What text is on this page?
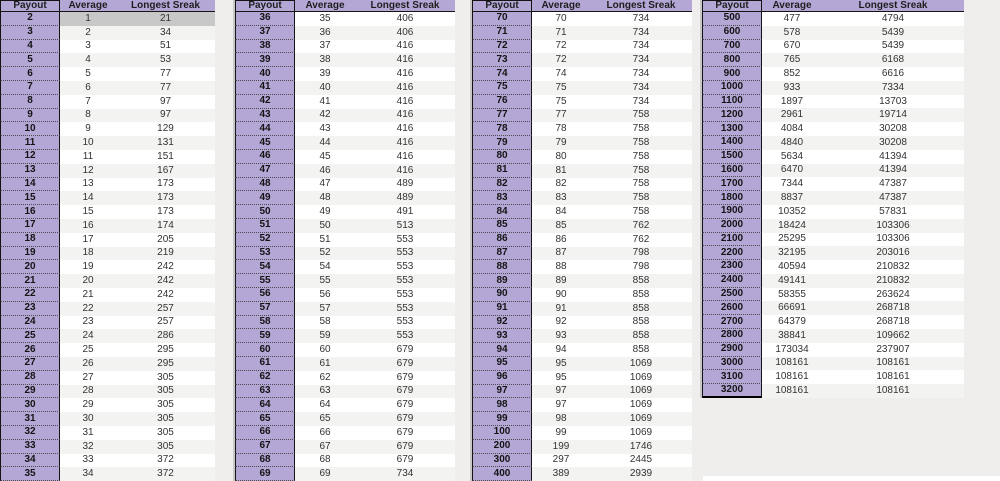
Payout	Average	Longest Sreak
2	1	21
3	2	34
4	3	51
5	4	53
6	5	77
7	6	77
8	7	97
9	8	97
10	9	129
11	10	131
12	11	151
13	12	167
14	13	173
15	14	173
16	15	173
17	16	174
18	17	205
19	18	219
20	19	242
21	20	242
22	21	242
23	22	257
24	23	257
25	24	286
26	25	295
27	26	295
28	27	305
29	28	305
30	29	305
31	30	305
32	31	305
33	32	305
34	33	372
35	34	372
Payout	Average	Longest Sreak
36	35	406
37	36	406
38	37	416
39	38	416
40	39	416
41	40	416
42	41	416
43	42	416
44	43	416
45	44	416
46	45	416
47	46	416
48	47	489
49	48	489
50	49	491
51	50	513
52	51	553
53	52	553
54	54	553
55	55	553
56	56	553
57	57	553
58	58	553
59	59	553
60	60	679
61	61	679
62	62	679
63	63	679
64	64	679
65	65	679
66	66	679
67	67	679
68	68	679
69	69	734
Payout	Average	Longest Sreak
70	70	734
71	71	734
72	72	734
73	72	734
74	74	734
75	75	734
76	75	734
77	77	758
78	78	758
79	79	758
80	80	758
81	81	758
82	82	758
83	83	758
84	84	758
85	85	762
86	86	762
87	87	798
88	88	798
89	89	858
90	90	858
91	91	858
92	92	858
93	93	858
94	94	858
95	95	1069
96	95	1069
97	97	1069
98	97	1069
99	98	1069
100	99	1069
200	199	1746
300	297	2445
400	389	2939
Payout	Average	Longest Sreak
500	477	4794
600	578	5439
700	670	5439
800	765	6168
900	852	6616
1000	933	7334
1100	1897	13703
1200	2961	19714
1300	4084	30208
1400	4840	30208
1500	5634	41394
1600	6470	41394
1700	7344	47387
1800	8837	47387
1900	10352	57831
2000	18424	103306
2100	25295	103306
2200	32195	203016
2300	40594	210832
2400	49141	210832
2500	58355	263624
2600	66691	268718
2700	64379	268718
2800	38841	109662
2900	173034	237907
3000	108161	108161
3100	108161	108161
3200	108161	108161
